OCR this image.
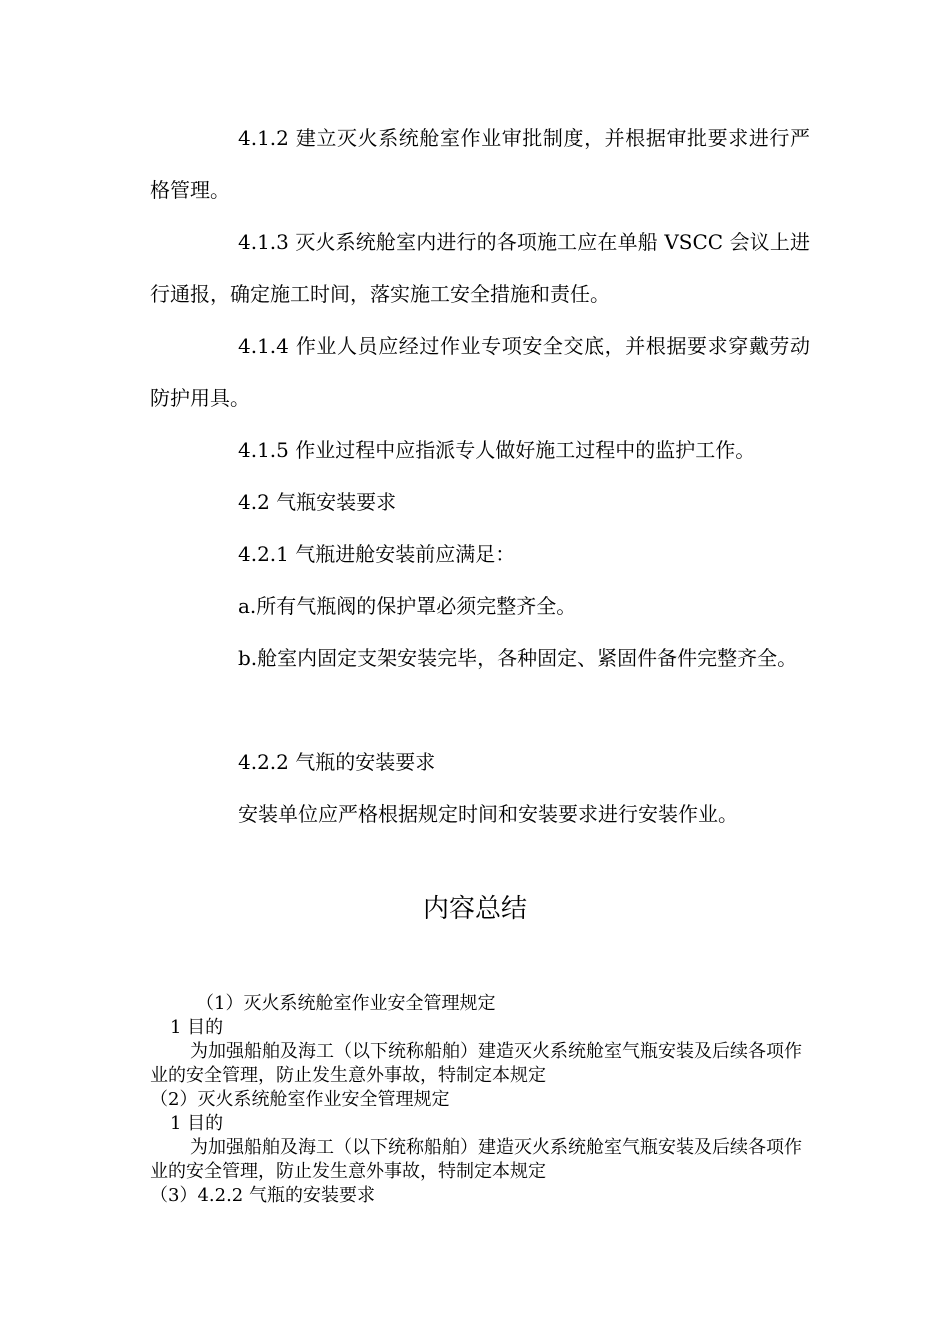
4.1.2 建立灭火系统舱室作业审批制度，并根据审批要求进行严格管理。

4.1.3 灭火系统舱室内进行的各项施工应在单船 VSCC 会议上进行通报，确定施工时间，落实施工安全措施和责任。

4.1.4 作业人员应经过作业专项安全交底，并根据要求穿戴劳动防护用具。

4.1.5 作业过程中应指派专人做好施工过程中的监护工作。

4.2 气瓶安装要求

4.2.1 气瓶进舱安装前应满足：

a.所有气瓶阀的保护罩必须完整齐全。

b.舱室内固定支架安装完毕，各种固定、紧固件备件完整齐全。

4.2.2 气瓶的安装要求

安装单位应严格根据规定时间和安装要求进行安装作业。

内容总结

（1）灭火系统舱室作业安全管理规定

1 目的

为加强船舶及海工（以下统称船舶）建造灭火系统舱室气瓶安装及后续各项作业的安全管理，防止发生意外事故，特制定本规定

（2）灭火系统舱室作业安全管理规定

1 目的

为加强船舶及海工（以下统称船舶）建造灭火系统舱室气瓶安装及后续各项作业的安全管理，防止发生意外事故，特制定本规定

（3）4.2.2 气瓶的安装要求
